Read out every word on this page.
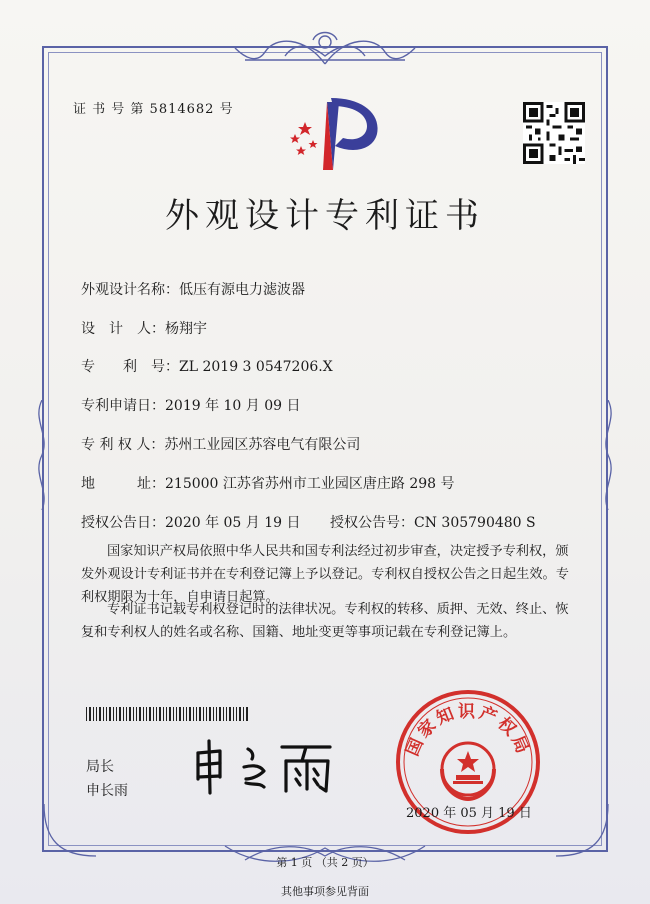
证 书 号 第 5814682 号
外观设计专利证书
外观设计名称：低压有源电力滤波器
设　计　人：杨翔宇
专　　利　号：ZL 2019 3 0547206.X
专利申请日：2019 年 10 月 09 日
专 利 权 人：苏州工业园区苏容电气有限公司
地　　　址：215000 江苏省苏州市工业园区唐庄路 298 号
授权公告日：2020 年 05 月 19 日 授权公告号：CN 305790480 S
国家知识产权局依照中华人民共和国专利法经过初步审查，决定授予专利权，颁发外观设计专利证书并在专利登记簿上予以登记。专利权自授权公告之日起生效。专利权期限为十年，自申请日起算。
专利证书记载专利权登记时的法律状况。专利权的转移、质押、无效、终止、恢复和专利权人的姓名或名称、国籍、地址变更等事项记载在专利登记簿上。
局长
申长雨
国家知识产权局
2020 年 05 月 19 日
第 1 页 （共 2 页）
其他事项参见背面
